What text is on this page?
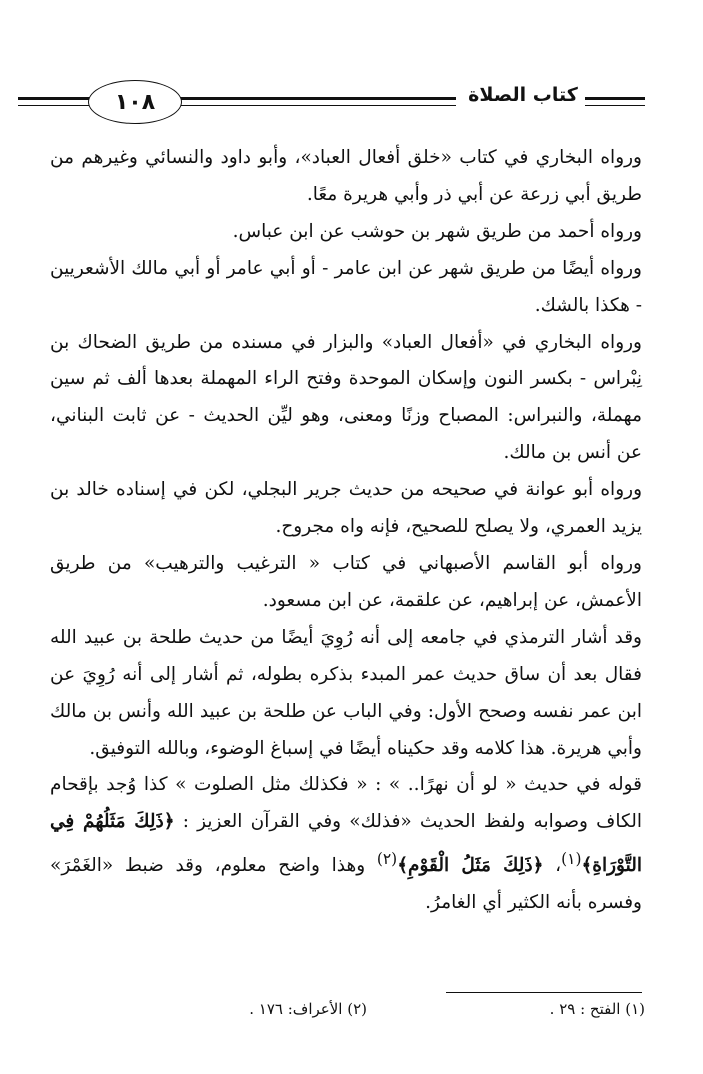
١٠٨	كتاب الصلاة

ورواه البخاري في كتاب «خلق أفعال العباد»، وأبو داود والنسائي وغيرهم من طريق أبي زرعة عن أبي ذر وأبي هريرة معًا.

ورواه أحمد من طريق شهر بن حوشب عن ابن عباس.

ورواه أيضًا من طريق شهر عن ابن عامر - أو أبي عامر أو أبي مالك الأشعريين - هكذا بالشك.

ورواه البخاري في «أفعال العباد» والبزار في مسنده من طريق الضحاك بن نِبْراس - بكسر النون وإسكان الموحدة وفتح الراء المهملة بعدها ألف ثم سين مهملة، والنبراس: المصباح وزنًا ومعنى، وهو ليِّن الحديث - عن ثابت البناني، عن أنس بن مالك.

ورواه أبو عوانة في صحيحه من حديث جرير البجلي، لكن في إسناده خالد بن يزيد العمري، ولا يصلح للصحيح، فإنه واه مجروح.

ورواه أبو القاسم الأصبهاني في كتاب « الترغيب والترهيب» من طريق الأعمش، عن إبراهيم، عن علقمة، عن ابن مسعود.

وقد أشار الترمذي في جامعه إلى أنه رُوِيَ أيضًا من حديث طلحة بن عبيد الله فقال بعد أن ساق حديث عمر المبدء بذكره بطوله، ثم أشار إلى أنه رُوِيَ عن ابن عمر نفسه وصحح الأول: وفي الباب عن طلحة بن عبيد الله وأنس بن مالك وأبي هريرة. هذا كلامه وقد حكيناه أيضًا في إسباغ الوضوء، وبالله التوفيق.

قوله في حديث « لو أن نهرًا.. » : « فكذلك مثل الصلوت » كذا وُجد بإقحام الكاف وصوابه ولفظ الحديث «فذلك» وفي القرآن العزيز : ﴿ذَلِكَ مَثَلُهُمْ فِي التَّوْرَاةِ﴾$^{(١)}$، ﴿ذَلِكَ مَثَلُ الْقَوْمِ﴾$^{(٢)}$ وهذا واضح معلوم، وقد ضبط «الغَمْرَ» وفسره بأنه الكثير أي الغامرُ.

(١) الفتح : ٢٩ .
(٢) الأعراف: ١٧٦ .
